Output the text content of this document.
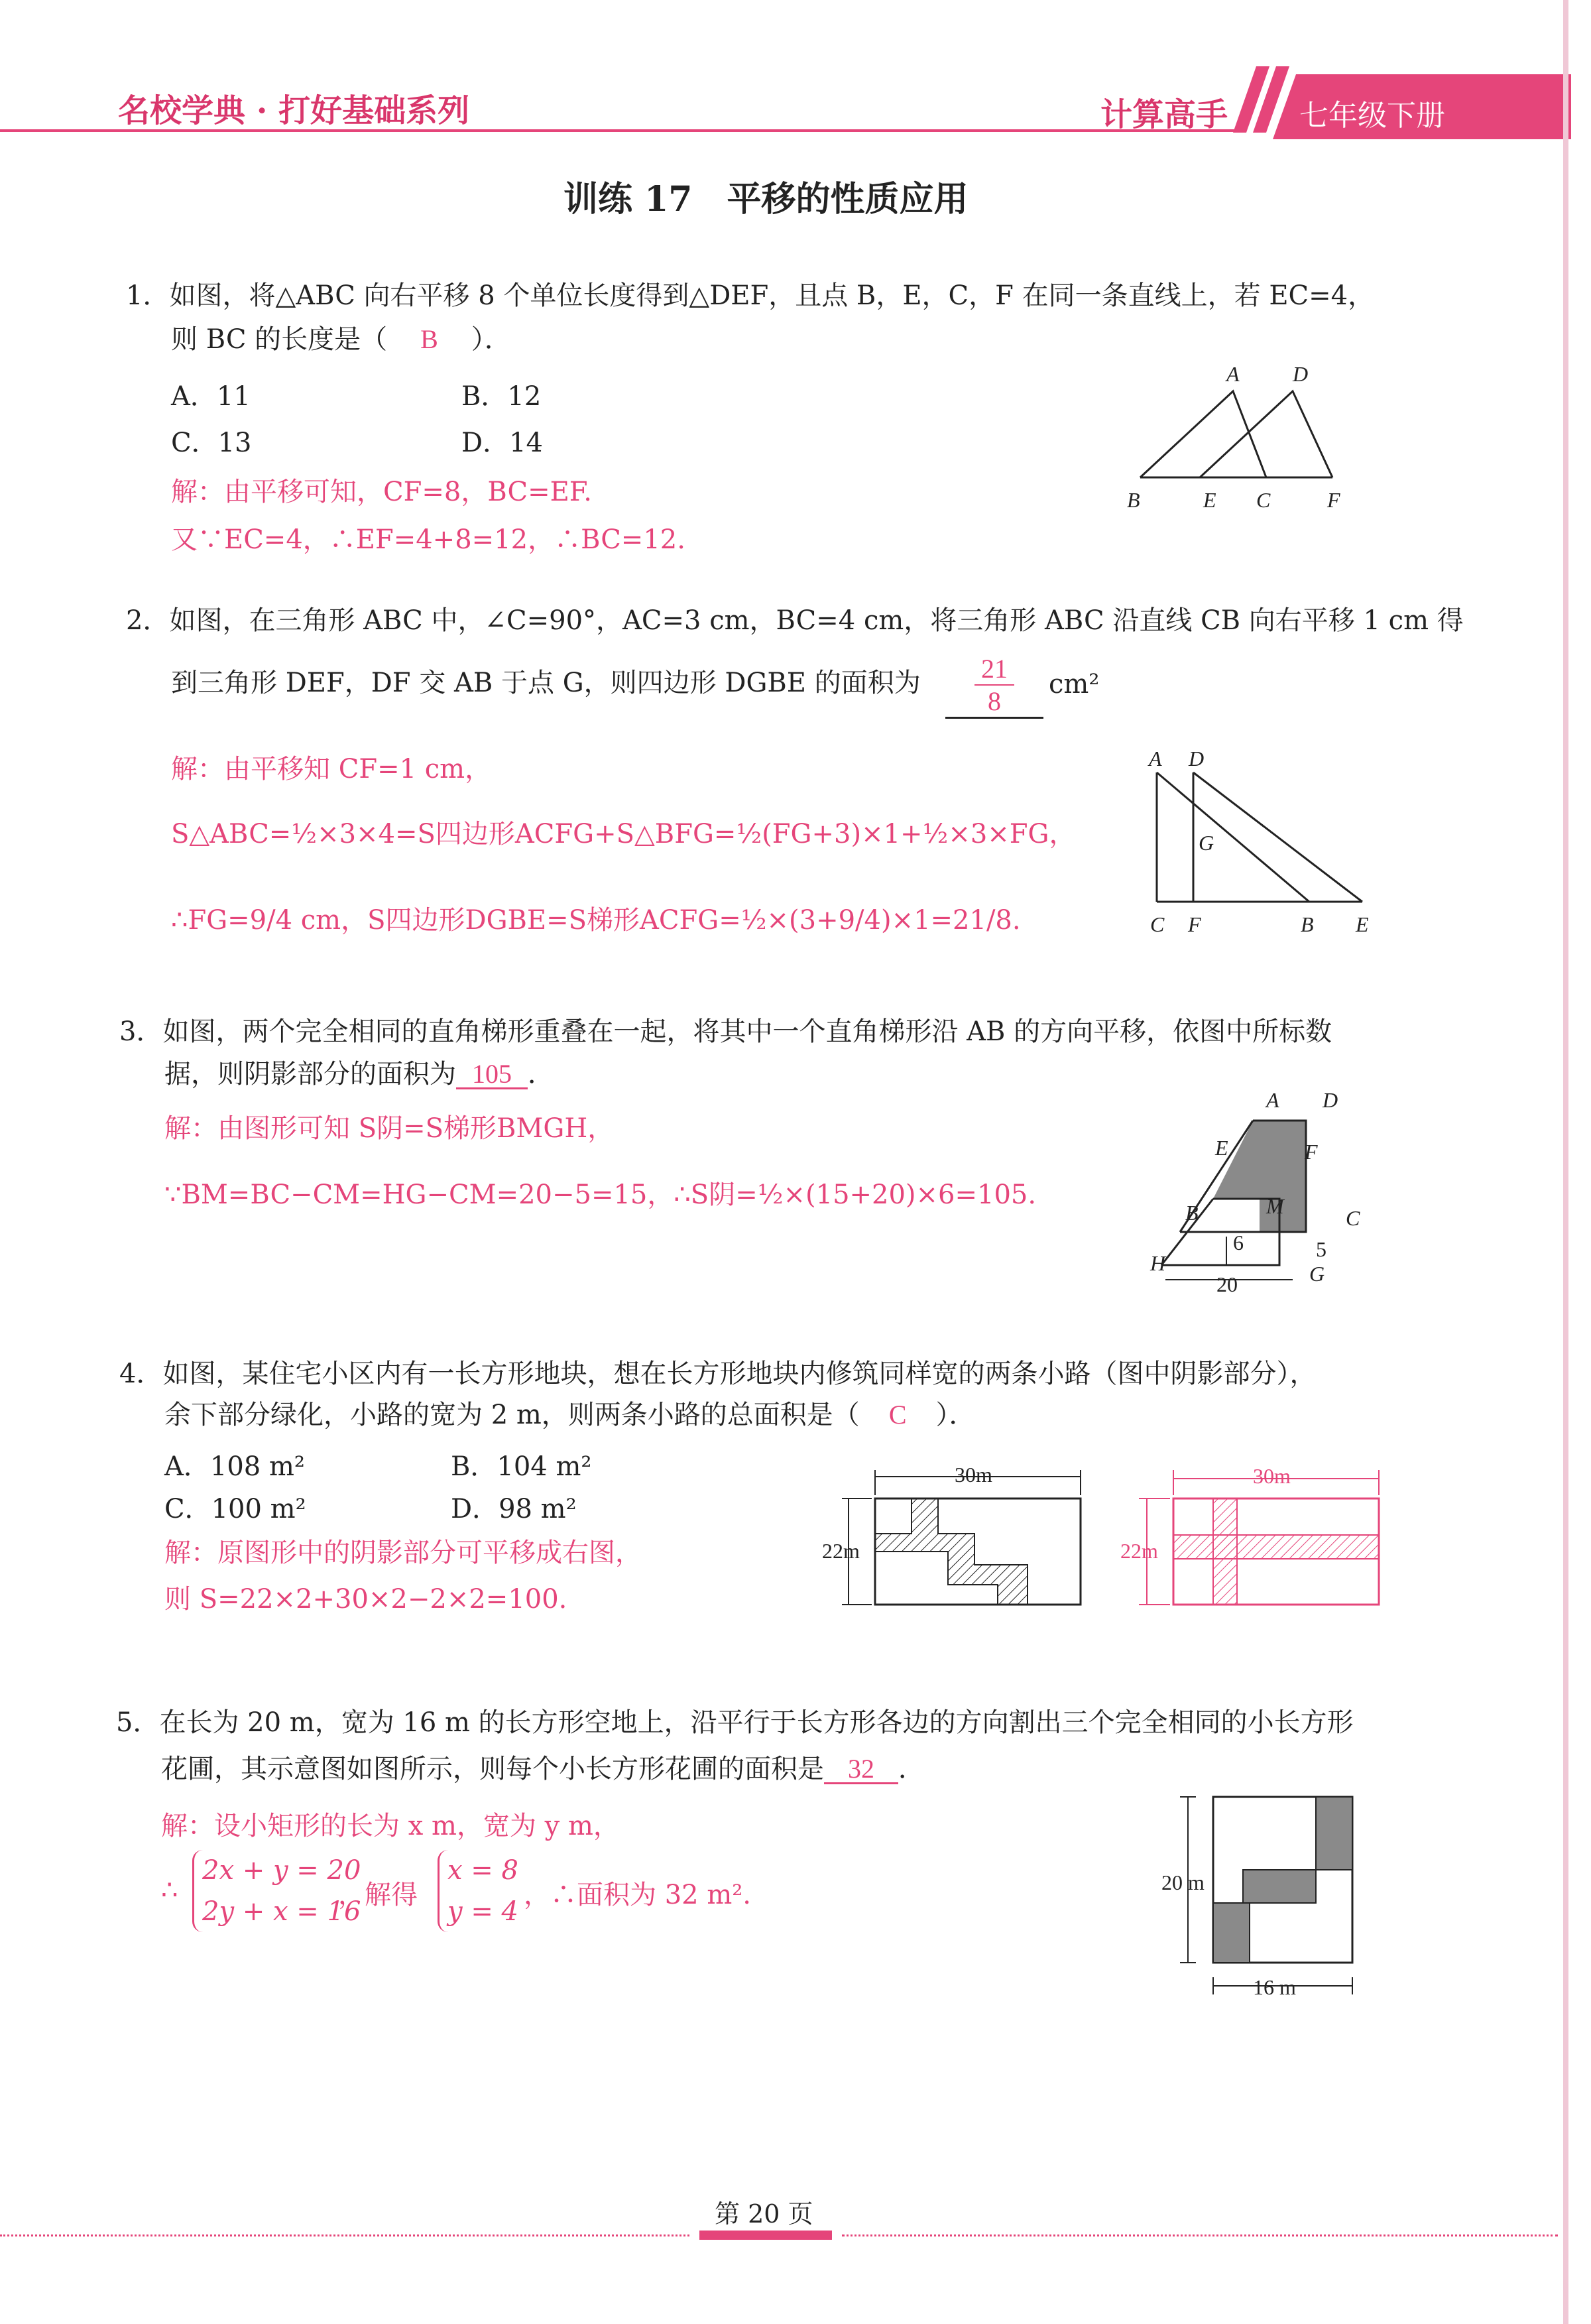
名校学典 · 打好基础系列	计算高手 七年级下册
训练 17　平移的性质应用
1．如图，将△ABC 向右平移 8 个单位长度得到△DEF，且点 B，E，C，F 在同一条直线上，若 EC=4，
则 BC 的长度是（ B ）．
A．11	B．12
C．13	D．14
解：由平移可知，CF=8，BC=EF.
又∵EC=4，∴EF=4+8=12，∴BC=12.
A	D
B	E C	F
2．如图，在三角形 ABC 中，∠C=90°，AC=3 cm，BC=4 cm，将三角形 ABC 沿直线 CB 向右平移 1 cm 得
到三角形 DEF，DF 交 AB 于点 G，则四边形 DGBE 的面积为 21
8
cm²
解：由平移知 CF=1 cm，
S△ABC=½×3×4=S四边形ACFG+S△BFG=½(FG+3)×1+½×3×FG，
∴FG=9/4 cm，S四边形DGBE=S梯形ACFG=½×(3+9/4)×1=21/8.
A D
G
C F	B E
3．如图，两个完全相同的直角梯形重叠在一起，将其中一个直角梯形沿 AB 的方向平移，依图中所标数
据，则阴影部分的面积为 105 ．
解：由图形可知 S阴=S梯形BMGH，
∵BM=BC−CM=HG−CM=20−5=15，∴S阴=½×(15+20)×6=105.
A D
E	F
M
B	C
H	G
6	5
20
4．如图，某住宅小区内有一长方形地块，想在长方形地块内修筑同样宽的两条小路（图中阴影部分），
余下部分绿化，小路的宽为 2 m，则两条小路的总面积是（ C ）．
A．108 m²	B．104 m²
C．100 m²	D．98 m²
解：原图形中的阴影部分可平移成右图，
则 S=22×2+30×2−2×2=100.
30m
22m
30m
22m
5．在长为 20 m，宽为 16 m 的长方形空地上，沿平行于长方形各边的方向割出三个完全相同的小长方形
花圃，其示意图如图所示，则每个小长方形花圃的面积是 32 ．
解：设小矩形的长为 x m，宽为 y m，
∴
2x + y = 20
2y + x = 16
，解得
x = 8
y = 4
，∴面积为 32 m².	20 m
16 m
第 20 页
